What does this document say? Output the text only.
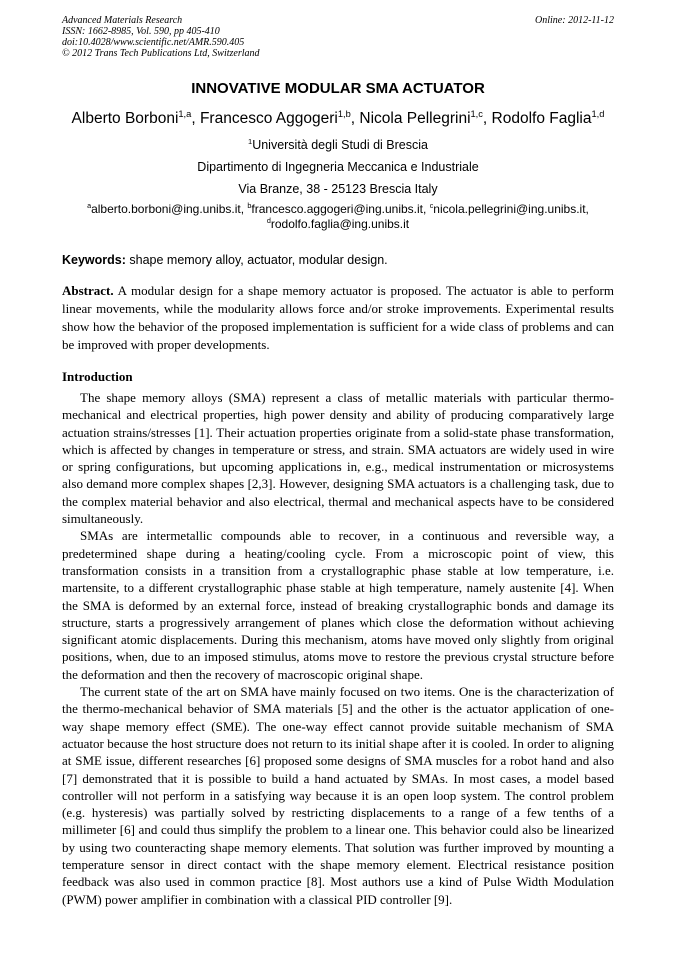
Advanced Materials Research
ISSN: 1662-8985, Vol. 590, pp 405-410
doi:10.4028/www.scientific.net/AMR.590.405
© 2012 Trans Tech Publications Ltd, Switzerland
Online: 2012-11-12
INNOVATIVE MODULAR SMA ACTUATOR
Alberto Borboni$^{1,a}$, Francesco Aggogeri$^{1,b}$, Nicola Pellegrini$^{1,c}$, Rodolfo Faglia$^{1,d}$
$^1$Università degli Studi di Brescia
Dipartimento di Ingegneria Meccanica e Industriale
Via Branze, 38 - 25123 Brescia Italy
$^a$alberto.borboni@ing.unibs.it, $^b$francesco.aggogeri@ing.unibs.it, $^c$nicola.pellegrini@ing.unibs.it,
$^d$rodolfo.faglia@ing.unibs.it
Keywords: shape memory alloy, actuator, modular design.

Abstract. A modular design for a shape memory actuator is proposed. The actuator is able to perform linear movements, while the modularity allows force and/or stroke improvements. Experimental results show how the behavior of the proposed implementation is sufficient for a wide class of problems and can be improved with proper developments.

Introduction

The shape memory alloys (SMA) represent a class of metallic materials with particular thermo-mechanical and electrical properties, high power density and ability of producing comparatively large actuation strains/stresses [1]. Their actuation properties originate from a solid-state phase transformation, which is affected by changes in temperature or stress, and strain. SMA actuators are widely used in wire or spring configurations, but upcoming applications in, e.g., medical instrumentation or microsystems also demand more complex shapes [2,3]. However, designing SMA actuators is a challenging task, due to the complex material behavior and also electrical, thermal and mechanical aspects have to be considered simultaneously.

SMAs are intermetallic compounds able to recover, in a continuous and reversible way, a predetermined shape during a heating/cooling cycle. From a microscopic point of view, this transformation consists in a transition from a crystallographic phase stable at low temperature, i.e. martensite, to a different crystallographic phase stable at high temperature, namely austenite [4]. When the SMA is deformed by an external force, instead of breaking crystallographic bonds and damage its structure, starts a progressively arrangement of planes which close the deformation without achieving significant atomic displacements. During this mechanism, atoms have moved only slightly from original positions, when, due to an imposed stimulus, atoms move to restore the previous crystal structure before the deformation and then the recovery of macroscopic original shape.

The current state of the art on SMA have mainly focused on two items. One is the characterization of the thermo-mechanical behavior of SMA materials [5] and the other is the actuator application of one-way shape memory effect (SME). The one-way effect cannot provide suitable mechanism of SMA actuator because the host structure does not return to its initial shape after it is cooled. In order to aligning at SME issue, different researches [6] proposed some designs of SMA muscles for a robot hand and also [7] demonstrated that it is possible to build a hand actuated by SMAs. In most cases, a model based controller will not perform in a satisfying way because it is an open loop system. The control problem (e.g. hysteresis) was partially solved by restricting displacements to a range of a few tenths of a millimeter [6] and could thus simplify the problem to a linear one. This behavior could also be linearized by using two counteracting shape memory elements. That solution was further improved by mounting a temperature sensor in direct contact with the shape memory element. Electrical resistance position feedback was also used in common practice [8]. Most authors use a kind of Pulse Width Modulation (PWM) power amplifier in combination with a classical PID controller [9].
